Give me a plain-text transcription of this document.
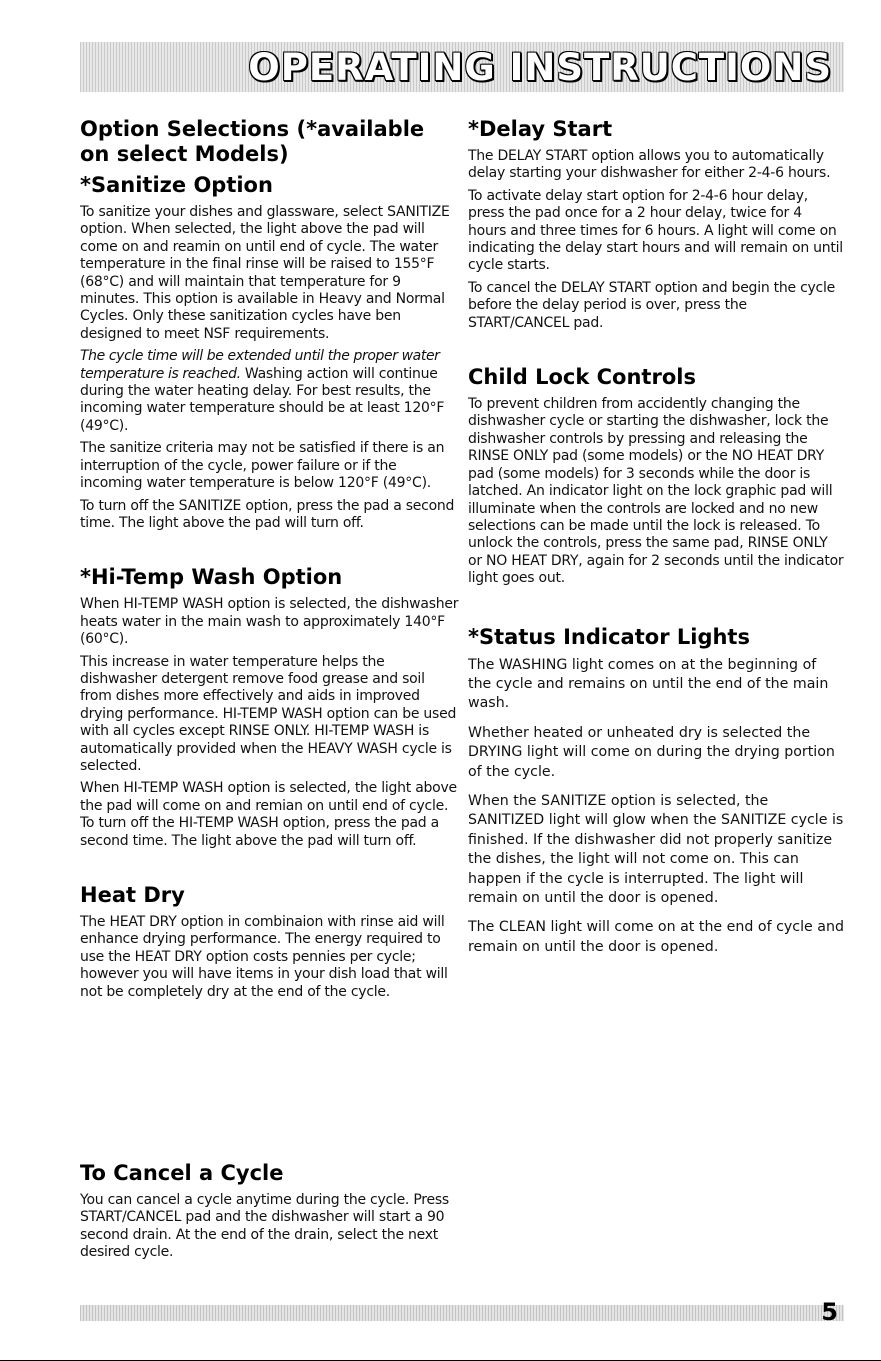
OPERATING INSTRUCTIONS
Option Selections (*available on select Models)
*Sanitize Option

To sanitize your dishes and glassware, select SANITIZE option. When selected, the light above the pad will come on and reamin on until end of cycle. The water temperature in the final rinse will be raised to 155°F (68°C) and will maintain that temperature for 9 minutes. This option is available in Heavy and Normal Cycles. Only these sanitization cycles have ben designed to meet NSF requirements.

The cycle time will be extended until the proper water temperature is reached. Washing action will continue during the water heating delay. For best results, the incoming water temperature should be at least 120°F (49°C).

The sanitize criteria may not be satisfied if there is an interruption of the cycle, power failure or if the incoming water temperature is below 120°F (49°C).

To turn off the SANITIZE option, press the pad a second time. The light above the pad will turn off.

*Hi-Temp Wash Option

When HI-TEMP WASH option is selected, the dishwasher heats water in the main wash to approximately 140°F (60°C).

This increase in water temperature helps the dishwasher detergent remove food grease and soil from dishes more effectively and aids in improved drying performance. HI-TEMP WASH option can be used with all cycles except RINSE ONLY. HI-TEMP WASH is automatically provided when the HEAVY WASH cycle is selected.

When HI-TEMP WASH option is selected, the light above the pad will come on and remian on until end of cycle. To turn off the HI-TEMP WASH option, press the pad a second time. The light above the pad will turn off.

Heat Dry

The HEAT DRY option in combinaion with rinse aid will enhance drying performance. The energy required to use the HEAT DRY option costs pennies per cycle; however you will have items in your dish load that will not be completely dry at the end of the cycle.

*Delay Start

The DELAY START option allows you to automatically delay starting your dishwasher for either 2-4-6 hours.

To activate delay start option for 2-4-6 hour delay, press the pad once for a 2 hour delay, twice for 4 hours and three times for 6 hours. A light will come on indicating the delay start hours and will remain on until cycle starts.

To cancel the DELAY START option and begin the cycle before the delay period is over, press the START/CANCEL pad.

Child Lock Controls

To prevent children from accidently changing the dishwasher cycle or starting the dishwasher, lock the dishwasher controls by pressing and releasing the RINSE ONLY pad (some models) or the NO HEAT DRY pad (some models) for 3 seconds while the door is latched. An indicator light on the lock graphic pad will illuminate when the controls are locked and no new selections can be made until the lock is released. To unlock the controls, press the same pad, RINSE ONLY or NO HEAT DRY, again for 2 seconds until the indicator light goes out.

*Status Indicator Lights

The WASHING light comes on at the beginning of the cycle and remains on until the end of the main wash.

Whether heated or unheated dry is selected the DRYING light will come on during the drying portion of the cycle.

When the SANITIZE option is selected, the SANITIZED light will glow when the SANITIZE cycle is finished. If the dishwasher did not properly sanitize the dishes, the light will not come on. This can happen if the cycle is interrupted. The light will remain on until the door is opened.

The CLEAN light will come on at the end of cycle and remain on until the door is opened.

To Cancel a Cycle

You can cancel a cycle anytime during the cycle. Press START/CANCEL pad and the dishwasher will start a 90 second drain. At the end of the drain, select the next desired cycle.

5
